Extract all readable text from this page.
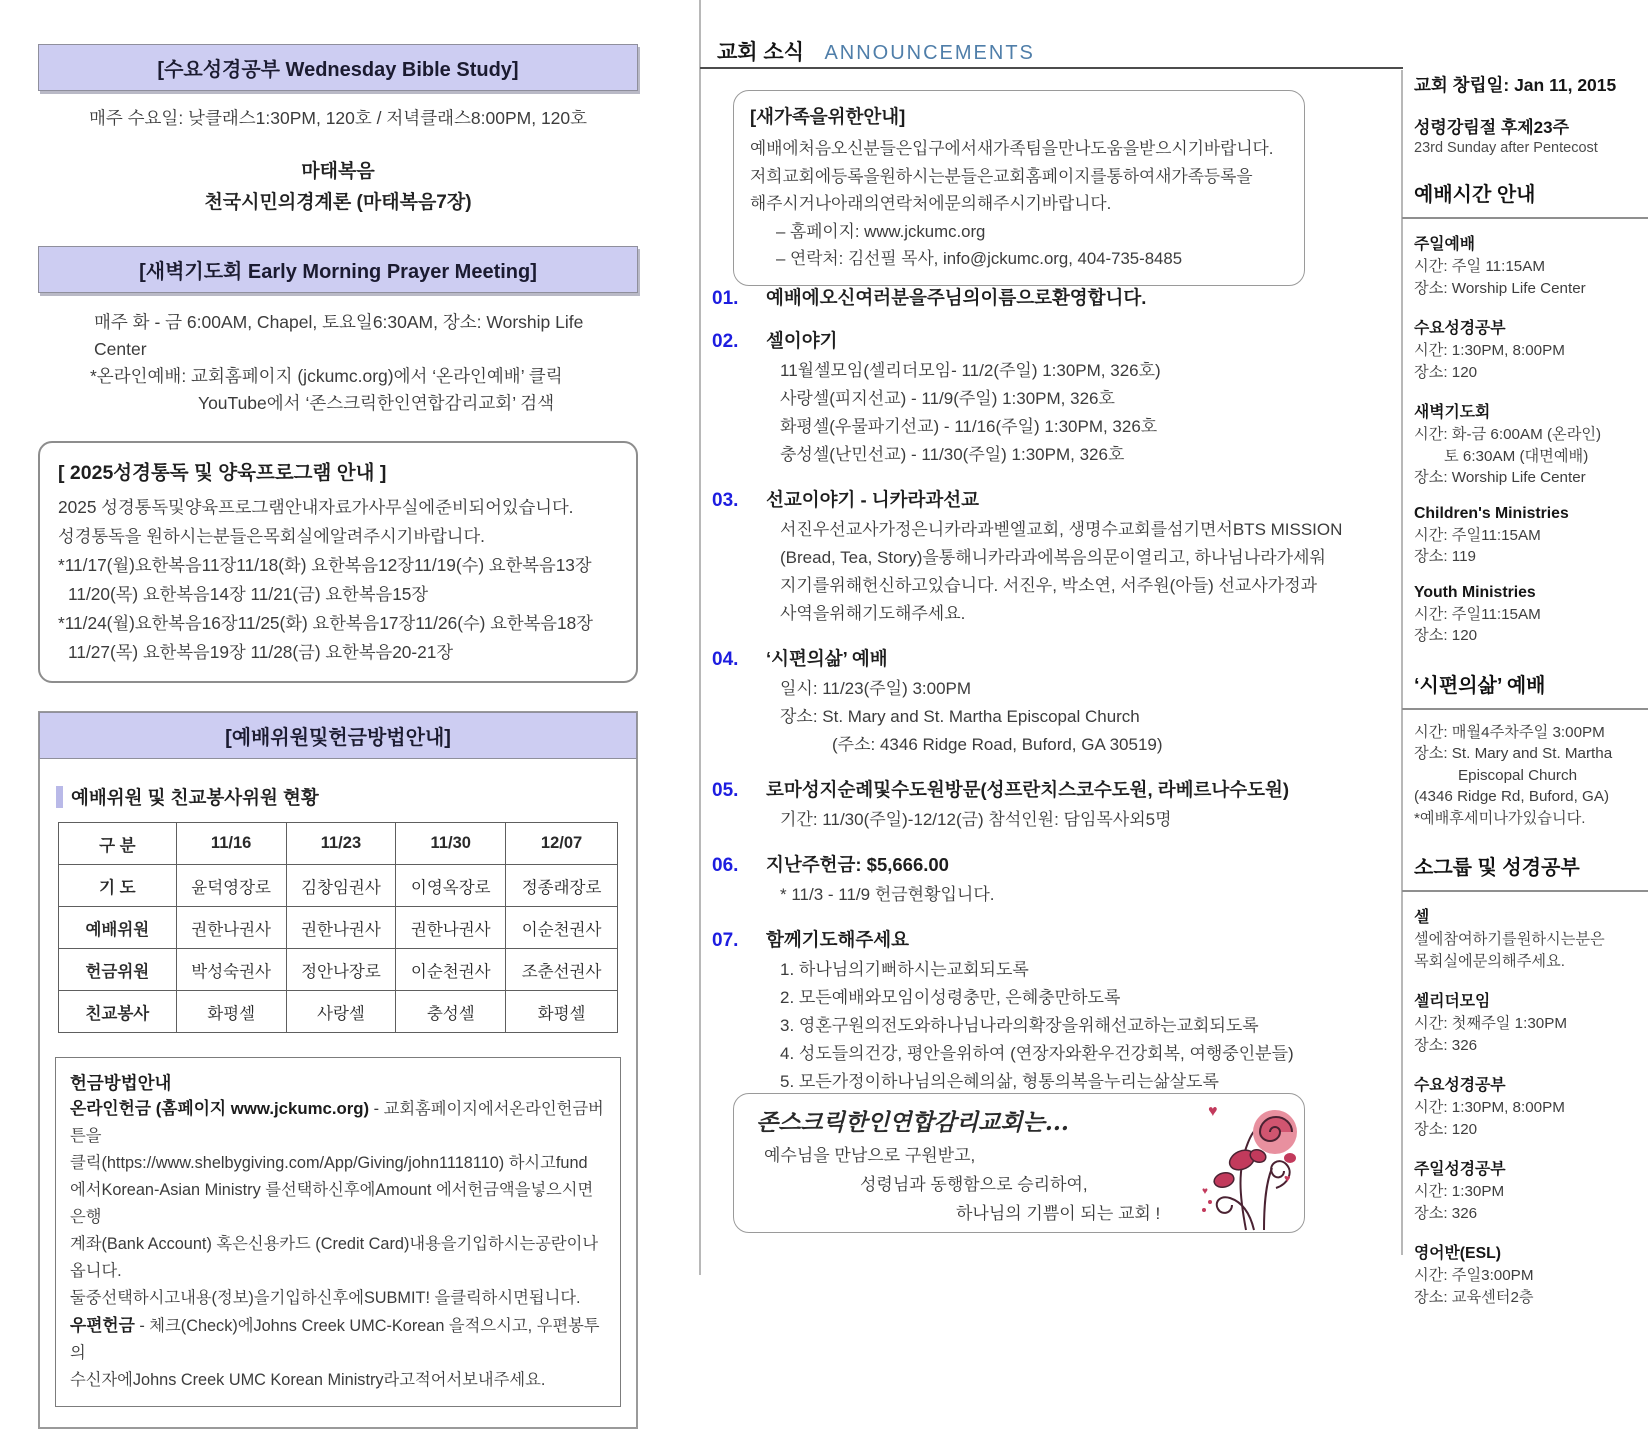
[수요성경공부 Wednesday Bible Study]
매주 수요일: 낮클래스1:30PM, 120호 / 저녁클래스8:00PM, 120호
마태복음
천국시민의경계론 (마태복음7장)
[새벽기도회 Early Morning Prayer Meeting]
매주 화 - 금 6:00AM, Chapel, 토요일6:30AM, 장소: Worship Life Center
*온라인예배: 교회홈페이지 (jckumc.org)에서 ‘온라인예배’ 클릭
YouTube에서 ‘존스크릭한인연합감리교회’ 검색
[ 2025성경통독 및 양육프로그램 안내 ]
2025 성경통독및양육프로그램안내자료가사무실에준비되어있습니다.
성경통독을 원하시는분들은목회실에알려주시기바랍니다.
*11/17(월)요한복음11장11/18(화) 요한복음12장11/19(수) 요한복음13장
11/20(목) 요한복음14장 11/21(금) 요한복음15장
*11/24(월)요한복음16장11/25(화) 요한복음17장11/26(수) 요한복음18장
11/27(목) 요한복음19장 11/28(금) 요한복음20-21장
[예배위원및헌금방법안내]
예배위원 및 친교봉사위원 현황
구 분	11/16	11/23	11/30	12/07
기 도	윤덕영장로	김창임권사	이영옥장로	정종래장로
예배위원	권한나권사	권한나권사	권한나권사	이순천권사
헌금위원	박성숙권사	정안나장로	이순천권사	조춘선권사
친교봉사	화평셀	사랑셀	충성셀	화평셀
헌금방법안내
온라인헌금 (홈페이지 www.jckumc.org) - 교회홈페이지에서온라인헌금버튼을
클릭(https://www.shelbygiving.com/App/Giving/john1118110) 하시고fund
에서Korean-Asian Ministry 를선택하신후에Amount 에서헌금액을넣으시면은행
계좌(Bank Account) 혹은신용카드 (Credit Card)내용을기입하시는공란이나옵니다.
둘중선택하시고내용(정보)을기입하신후에SUBMIT! 을클릭하시면됩니다.
우편헌금 - 체크(Check)에Johns Creek UMC-Korean 을적으시고, 우편봉투의
수신자에Johns Creek UMC Korean Ministry라고적어서보내주세요.
교회 소식 ANNOUNCEMENTS
[새가족을위한안내]
예배에처음오신분들은입구에서새가족팀을만나도움을받으시기바랍니다.
저희교회에등록을원하시는분들은교회홈페이지를통하여새가족등록을
해주시거나아래의연락처에문의해주시기바랍니다.
– 홈페이지: www.jckumc.org
– 연락처: 김선필 목사, info@jckumc.org, 404-735-8485
01.	예배에오신여러분을주님의이름으로환영합니다.
02.	셀이야기
11월셀모임(셀리더모임- 11/2(주일) 1:30PM, 326호)
사랑셀(피지선교) - 11/9(주일) 1:30PM, 326호
화평셀(우물파기선교) - 11/16(주일) 1:30PM, 326호
충성셀(난민선교) - 11/30(주일) 1:30PM, 326호
03.	선교이야기 - 니카라과선교
서진우선교사가정은니카라과벧엘교회, 생명수교회를섬기면서BTS MISSION
(Bread, Tea, Story)을통해니카라과에복음의문이열리고, 하나님나라가세워
지기를위해헌신하고있습니다. 서진우, 박소연, 서주원(아들) 선교사가정과
사역을위해기도해주세요.
04.	‘시편의삶’ 예배
일시: 11/23(주일) 3:00PM
장소: St. Mary and St. Martha Episcopal Church
(주소: 4346 Ridge Road, Buford, GA 30519)
05.	로마성지순례및수도원방문(성프란치스코수도원, 라베르나수도원)
기간: 11/30(주일)-12/12(금) 참석인원: 담임목사외5명
06.	지난주헌금: $5,666.00
* 11/3 - 11/9 헌금현황입니다.
07.	함께기도해주세요
1. 하나님의기뻐하시는교회되도록
2. 모든예배와모임이성령충만, 은혜충만하도록
3. 영혼구원의전도와하나님나라의확장을위해선교하는교회되도록
4. 성도들의건강, 평안을위하여 (연장자와환우건강회복, 여행중인분들)
5. 모든가정이하나님의은혜의삶, 형통의복을누리는삶살도록
존스크릭한인연합감리교회는...
예수님을 만남으로 구원받고,
성령님과 동행함으로 승리하여,
하나님의 기쁨이 되는 교회 !
♥
♥
♥
교회 창립일: Jan 11, 2015
성령강림절 후제23주
23rd Sunday after Pentecost
예배시간 안내
주일예배
시간: 주일 11:15AM
장소: Worship Life Center
수요성경공부
시간: 1:30PM, 8:00PM
장소: 120
새벽기도회
시간: 화-금 6:00AM (온라인)
토 6:30AM (대면예배)
장소: Worship Life Center
Children's Ministries
시간: 주일11:15AM
장소: 119
Youth Ministries
시간: 주일11:15AM
장소: 120
‘시편의삶’ 예배
시간: 매월4주차주일 3:00PM
장소: St. Mary and St. Martha
Episcopal Church
(4346 Ridge Rd, Buford, GA)
*예배후세미나가있습니다.
소그룹 및 성경공부
셀
셀에참여하기를원하시는분은
목회실에문의해주세요.
셀리더모임
시간: 첫째주일 1:30PM
장소: 326
수요성경공부
시간: 1:30PM, 8:00PM
장소: 120
주일성경공부
시간: 1:30PM
장소: 326
영어반(ESL)
시간: 주일3:00PM
장소: 교육센터2층
